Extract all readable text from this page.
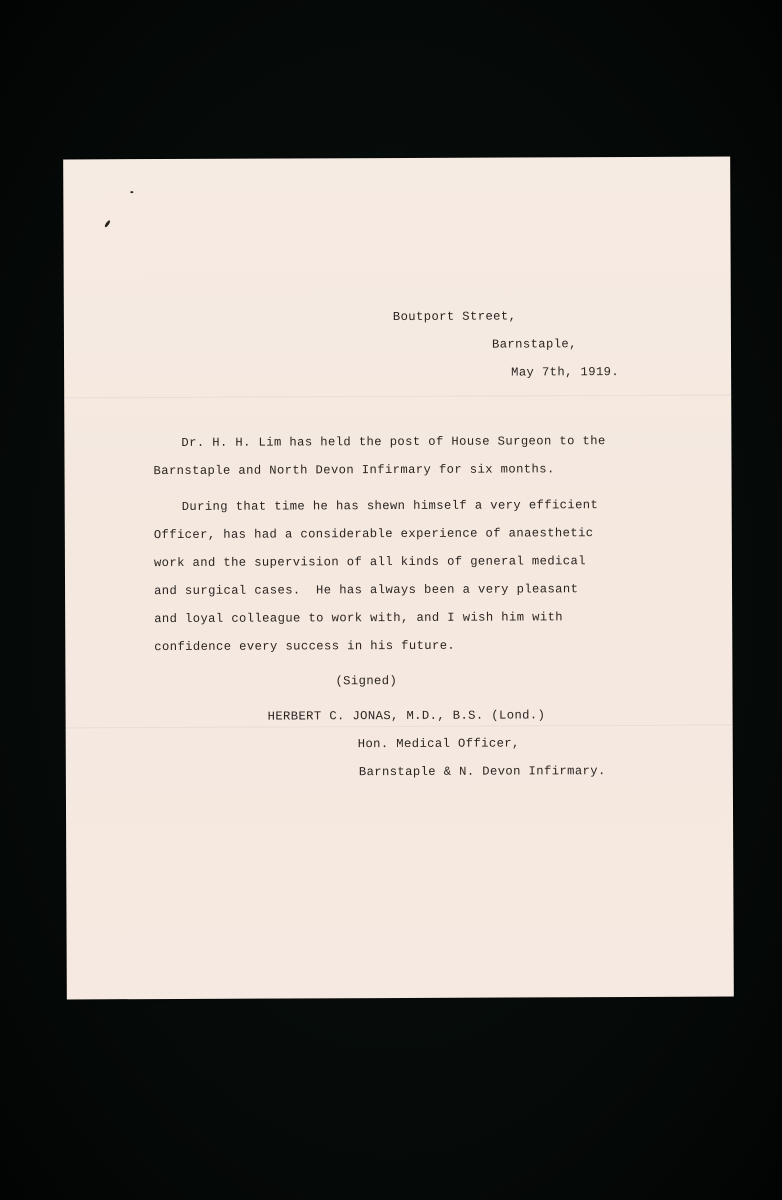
Boutport Street,

Barnstaple,

May 7th, 1919.

Dr. H. H. Lim has held the post of House Surgeon to the

Barnstaple and North Devon Infirmary for six months.

During that time he has shewn himself a very efficient

Officer, has had a considerable experience of anaesthetic

work and the supervision of all kinds of general medical

and surgical cases.  He has always been a very pleasant

and loyal colleague to work with, and I wish him with

confidence every success in his future.

(Signed)

HERBERT C. JONAS, M.D., B.S. (Lond.)

Hon. Medical Officer,

Barnstaple & N. Devon Infirmary.
